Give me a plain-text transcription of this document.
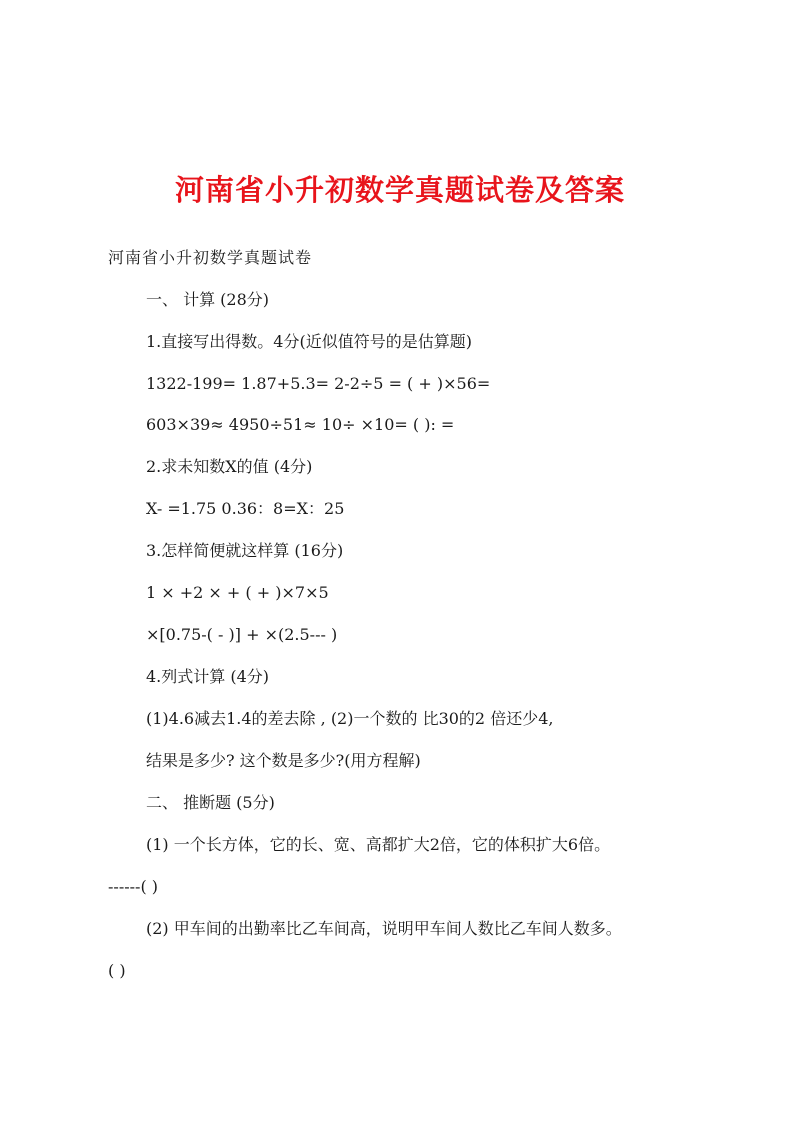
河南省小升初数学真题试卷及答案
河南省小升初数学真题试卷
一、 计算 (28分)
1.直接写出得数。4分(近似值符号的是估算题)
1322-199= 1.87+5.3= 2-2÷5 = ( + )×56=
603×39≈ 4950÷51≈ 10÷ ×10= ( ): =
2.求未知数X的值 (4分)
X- =1.75 0.36：8=X：25
3.怎样简便就这样算 (16分)
1 × +2 × + ( + )×7×5
×[0.75-( - )] + ×(2.5--- )
4.列式计算 (4分)
(1)4.6减去1.4的差去除 , (2)一个数的 比30的2 倍还少4,
结果是多少? 这个数是多少?(用方程解)
二、 推断题 (5分)
(1) 一个长方体，它的长、宽、高都扩大2倍，它的体积扩大6倍。
------( )
(2) 甲车间的出勤率比乙车间高，说明甲车间人数比乙车间人数多。
( )
